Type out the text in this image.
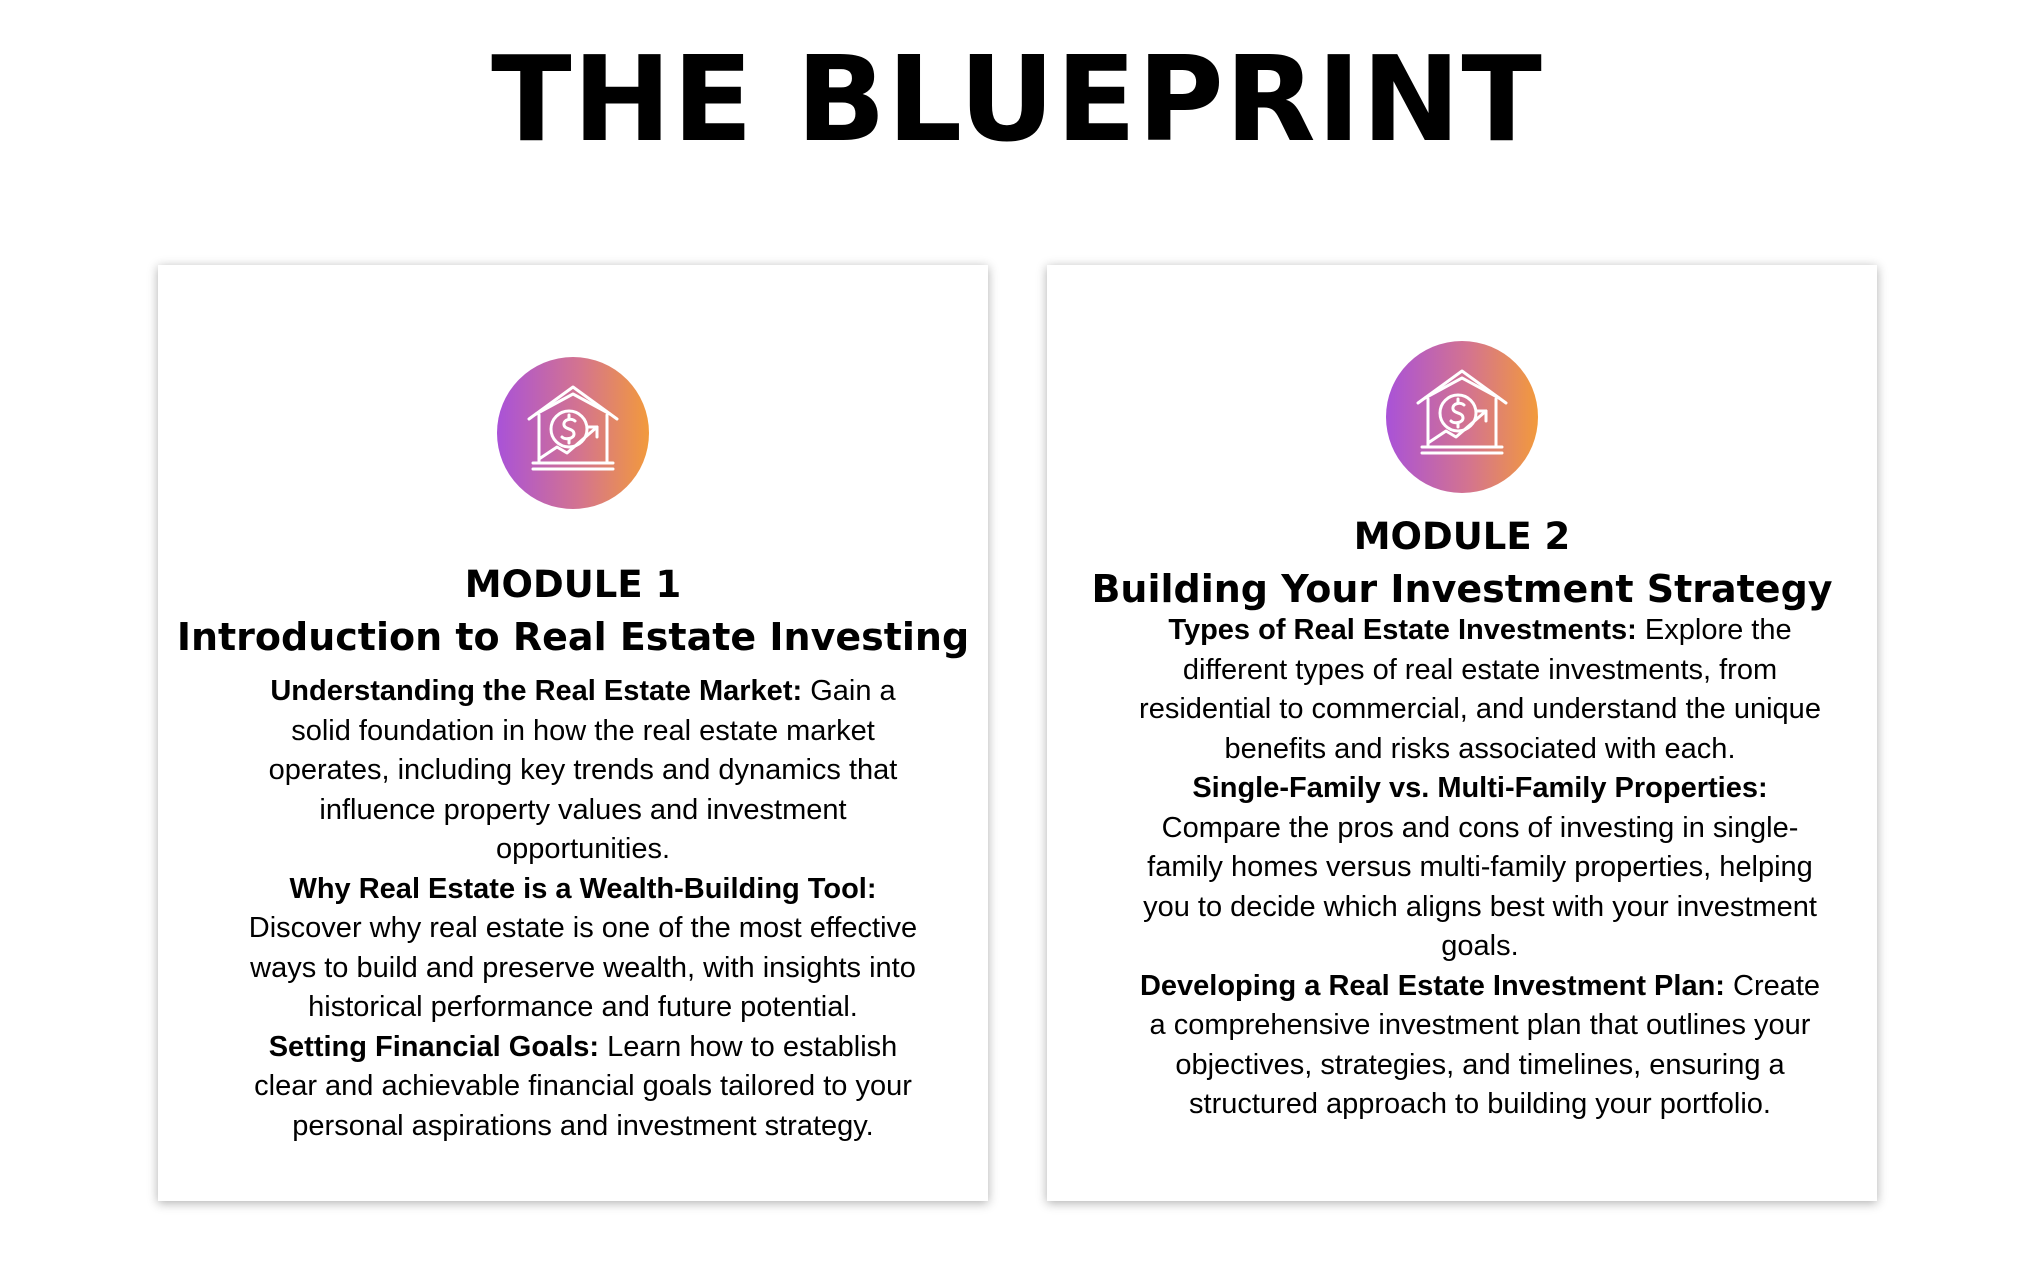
THE BLUEPRINT
MODULE 1
Introduction to Real Estate Investing

Understanding the Real Estate Market: Gain a solid foundation in how the real estate market operates, including key trends and dynamics that influence property values and investment opportunities.
Why Real Estate is a Wealth-Building Tool: Discover why real estate is one of the most effective ways to build and preserve wealth, with insights into historical performance and future potential.
Setting Financial Goals: Learn how to establish clear and achievable financial goals tailored to your personal aspirations and investment strategy.

MODULE 2
Building Your Investment Strategy

Types of Real Estate Investments: Explore the different types of real estate investments, from residential to commercial, and understand the unique benefits and risks associated with each.
Single-Family vs. Multi-Family Properties:
Compare the pros and cons of investing in single-family homes versus multi-family properties, helping you to decide which aligns best with your investment goals.
Developing a Real Estate Investment Plan: Create a comprehensive investment plan that outlines your objectives, strategies, and timelines, ensuring a structured approach to building your portfolio.
